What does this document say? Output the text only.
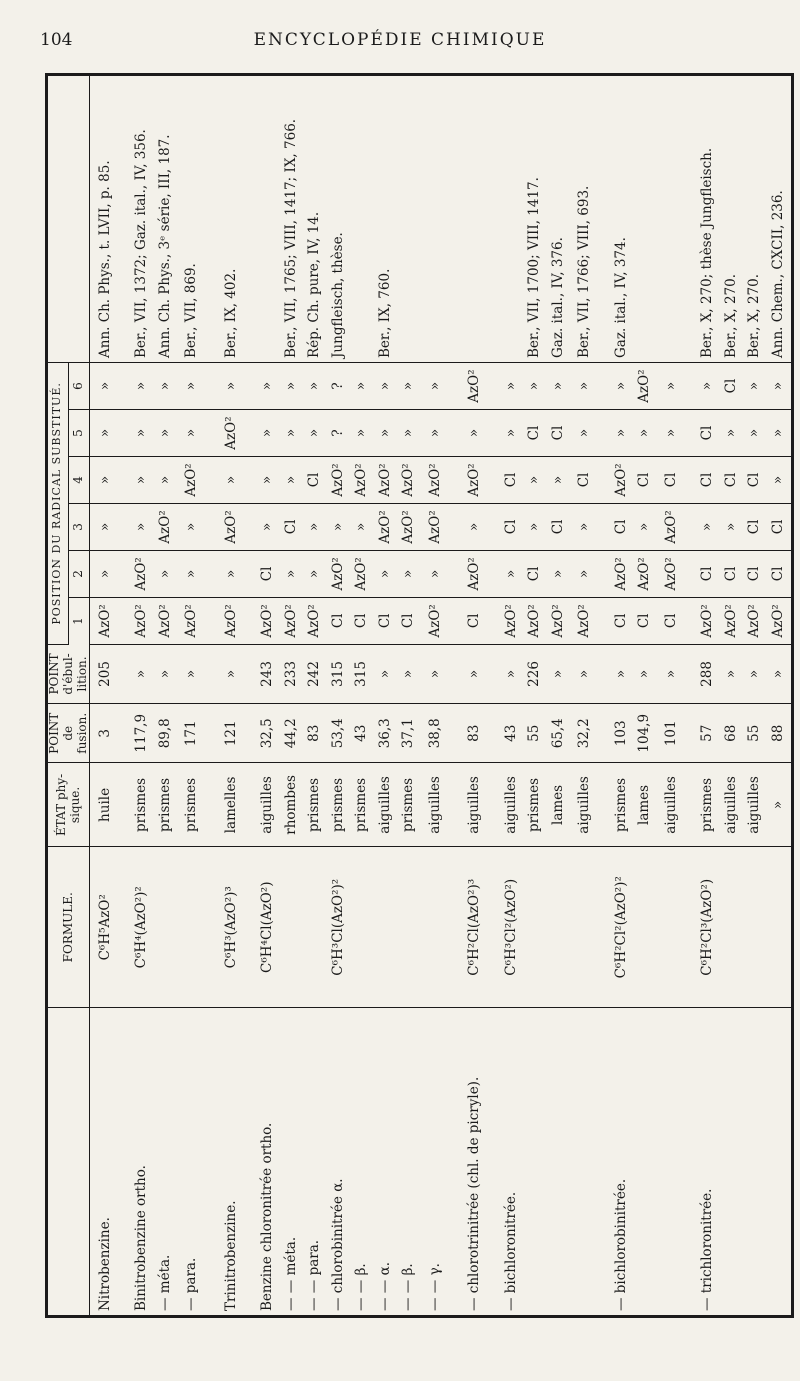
104	ENCYCLOPÉDIE CHIMIQUE
	FORMULE.	ÉTAT phy-sique.	POINT de fusion.	POINT d'ébul-lition.	POSITION DU RADICAL SUBSTITUÉ.						
					1	2	3	4	5	6	
Nitrobenzine.	C⁶H⁵AzO²	huile	3	205	AzO²	»	»	»	»	»	Ann. Ch. Phys., t. LVII, p. 85.
Binitrobenzine ortho.	C⁶H⁴(AzO²)²	prismes	117,9	»	AzO²	AzO²	»	»	»	»	Ber., VII, 1372; Gaz. ital., IV, 356.
— méta.		prismes	89,8	»	AzO²	»	AzO²	»	»	»	Ann. Ch. Phys., 3ᵉ série, III, 187.
— para.		prismes	171	»	AzO²	»	»	AzO²	»	»	Ber., VII, 869.
Trinitrobenzine.	C⁶H³(AzO²)³	lamelles	121	»	AzO²	»	AzO²	»	AzO²	»	Ber., IX, 402.
Benzine chloronitrée ortho.	C⁶H⁴Cl(AzO²)	aiguilles	32,5	243	AzO²	Cl	»	»	»	»	
— — méta.		rhombes	44,2	233	AzO²	»	Cl	»	»	»	Ber., VII, 1765; VIII, 1417; IX, 766.
— — para.		prismes	83	242	AzO²	»	»	Cl	»	»	Rép. Ch. pure, IV, 14.
— chlorobinitrée α.	C⁶H³Cl(AzO²)²	prismes	53,4	315	Cl	AzO²	»	AzO²	?	?	Jungfleisch, thèse.
— — β.		prismes	43	315	Cl	AzO²	»	AzO²	»	»	
— — α.		aiguilles	36,3	»	Cl	»	AzO²	AzO²	»	»	Ber., IX, 760.
— — β.		prismes	37,1	»	Cl	»	AzO²	AzO²	»	»	
— — γ.		aiguilles	38,8	»	AzO²	»	AzO²	AzO²	»	»	
— chlorotrinitrée (chl. de picryle).	C⁶H²Cl(AzO²)³	aiguilles	83	»	Cl	AzO²	»	AzO²	»	AzO²	
— bichloronitrée.	C⁶H³Cl²(AzO²)	aiguilles	43	»	AzO²	»	Cl	Cl	»	»	
		prismes	55	226	AzO²	Cl	»	»	Cl	»	Ber., VII, 1700; VIII, 1417.
		lames	65,4	»	AzO²	»	Cl	»	Cl	»	Gaz. ital., IV, 376.
		aiguilles	32,2	»	AzO²	»	»	Cl	»	»	Ber., VII, 1766; VIII, 693.
— bichlorobinitrée.	C⁶H²Cl²(AzO²)²	prismes	103	»	Cl	AzO²	Cl	AzO²	»	»	Gaz. ital., IV, 374.
		lames	104,9	»	Cl	AzO²	»	Cl	»	AzO²	
		aiguilles	101	»	Cl	AzO²	AzO²	Cl	»	»	
— trichloronitrée.	C⁶H²Cl³(AzO²)	prismes	57	288	AzO²	Cl	»	Cl	Cl	»	Ber., X, 270; thèse Jungfleisch.
		aiguilles	68	»	AzO²	Cl	»	Cl	»	Cl	Ber., X, 270.
		aiguilles	55	»	AzO²	Cl	Cl	Cl	»	»	Ber., X, 270.
		»	88	»	AzO²	Cl	Cl	»	»	»	Ann. Chem., CXCII, 236.
